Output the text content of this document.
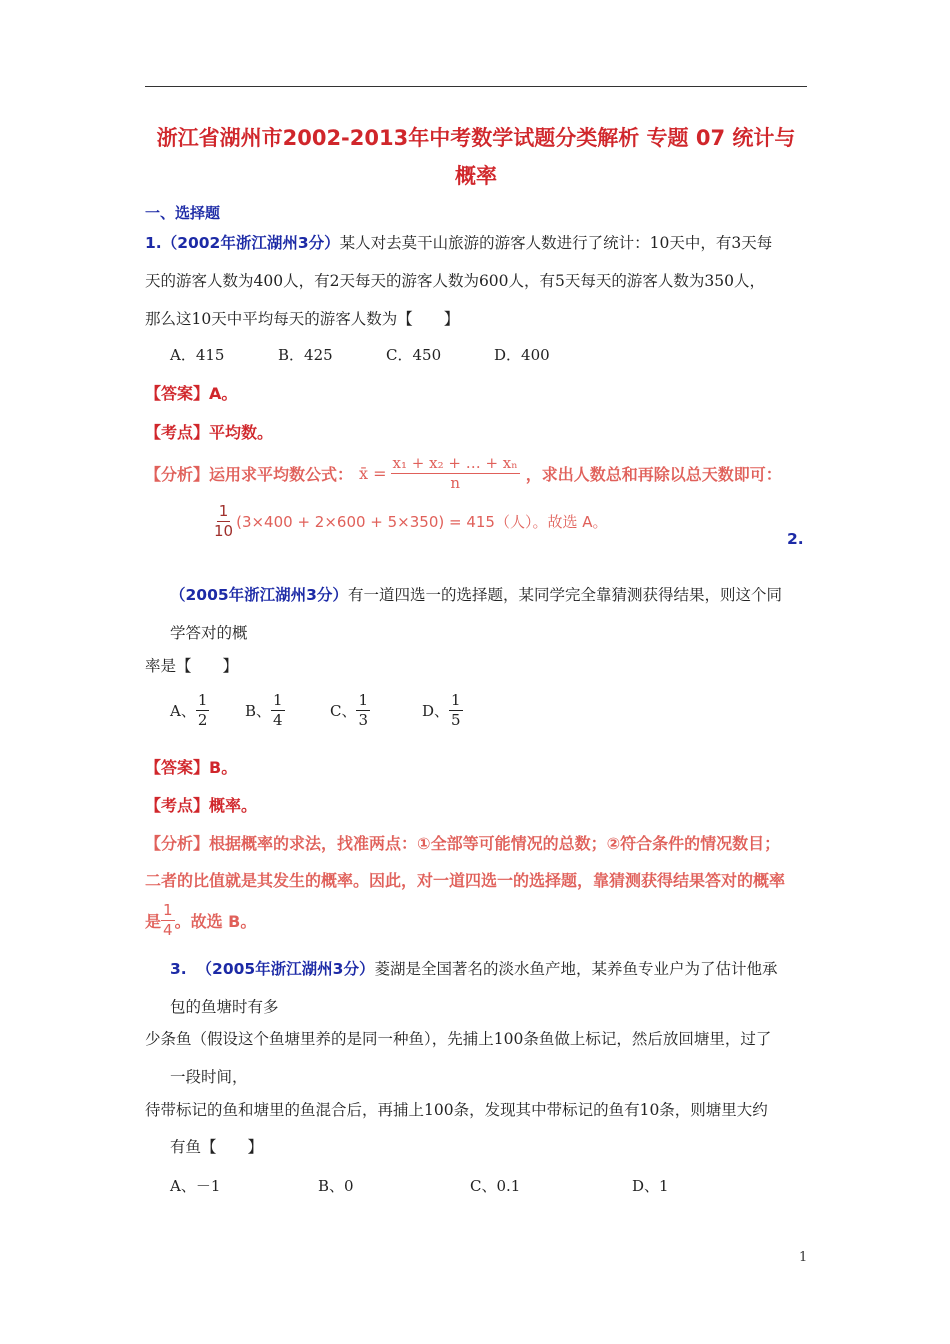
浙江省湖州市2002-2013年中考数学试题分类解析 专题 07 统计与
概率
一、选择题
1.（2002年浙江湖州3分）某人对去莫干山旅游的游客人数进行了统计：10天中，有3天每
天的游客人数为400人，有2天每天的游客人数为600人，有5天每天的游客人数为350人，
那么这10天中平均每天的游客人数为【　　】
A．415	B．425	C．450	D．400
【答案】A。
【考点】平均数。
【分析】 运用求平均数公式： x̄ = $\frac{\text{x₁ + x₂ + … + xₙ}}{n}$ ，求出人数总和再除以总天数即可：
$\frac{1}{10} (3\times 400 + 2\times 600 + 5\times 350) = 415$（人）。故选 A。
2.
（2005年浙江湖州3分）有一道四选一的选择题，某同学完全靠猜测获得结果，则这个同
学答对的概
率是【　　】
A、 $\frac{1}{2}$ B、 $\frac{1}{4}$	C、 $\frac{1}{3}$	D、 $\frac{1}{5}$
【答案】B。
【考点】概率。
【分析】根据概率的求法，找准两点：①全部等可能情况的总数；②符合条件的情况数目；
二者的比值就是其发生的概率。因此，对一道四选一的选择题，靠猜测获得结果答对的概率
是 $\frac{1}{4}$ 。故选 B。
3. （2005年浙江湖州3分）菱湖是全国著名的淡水鱼产地，某养鱼专业户为了估计他承
包的鱼塘时有多
少条鱼（假设这个鱼塘里养的是同一种鱼），先捕上100条鱼做上标记，然后放回塘里，过了
一段时间，
待带标记的鱼和塘里的鱼混合后，再捕上100条，发现其中带标记的鱼有10条，则塘里大约
有鱼【　　】
A、－1	B、0	C、0.1	D、1
1
